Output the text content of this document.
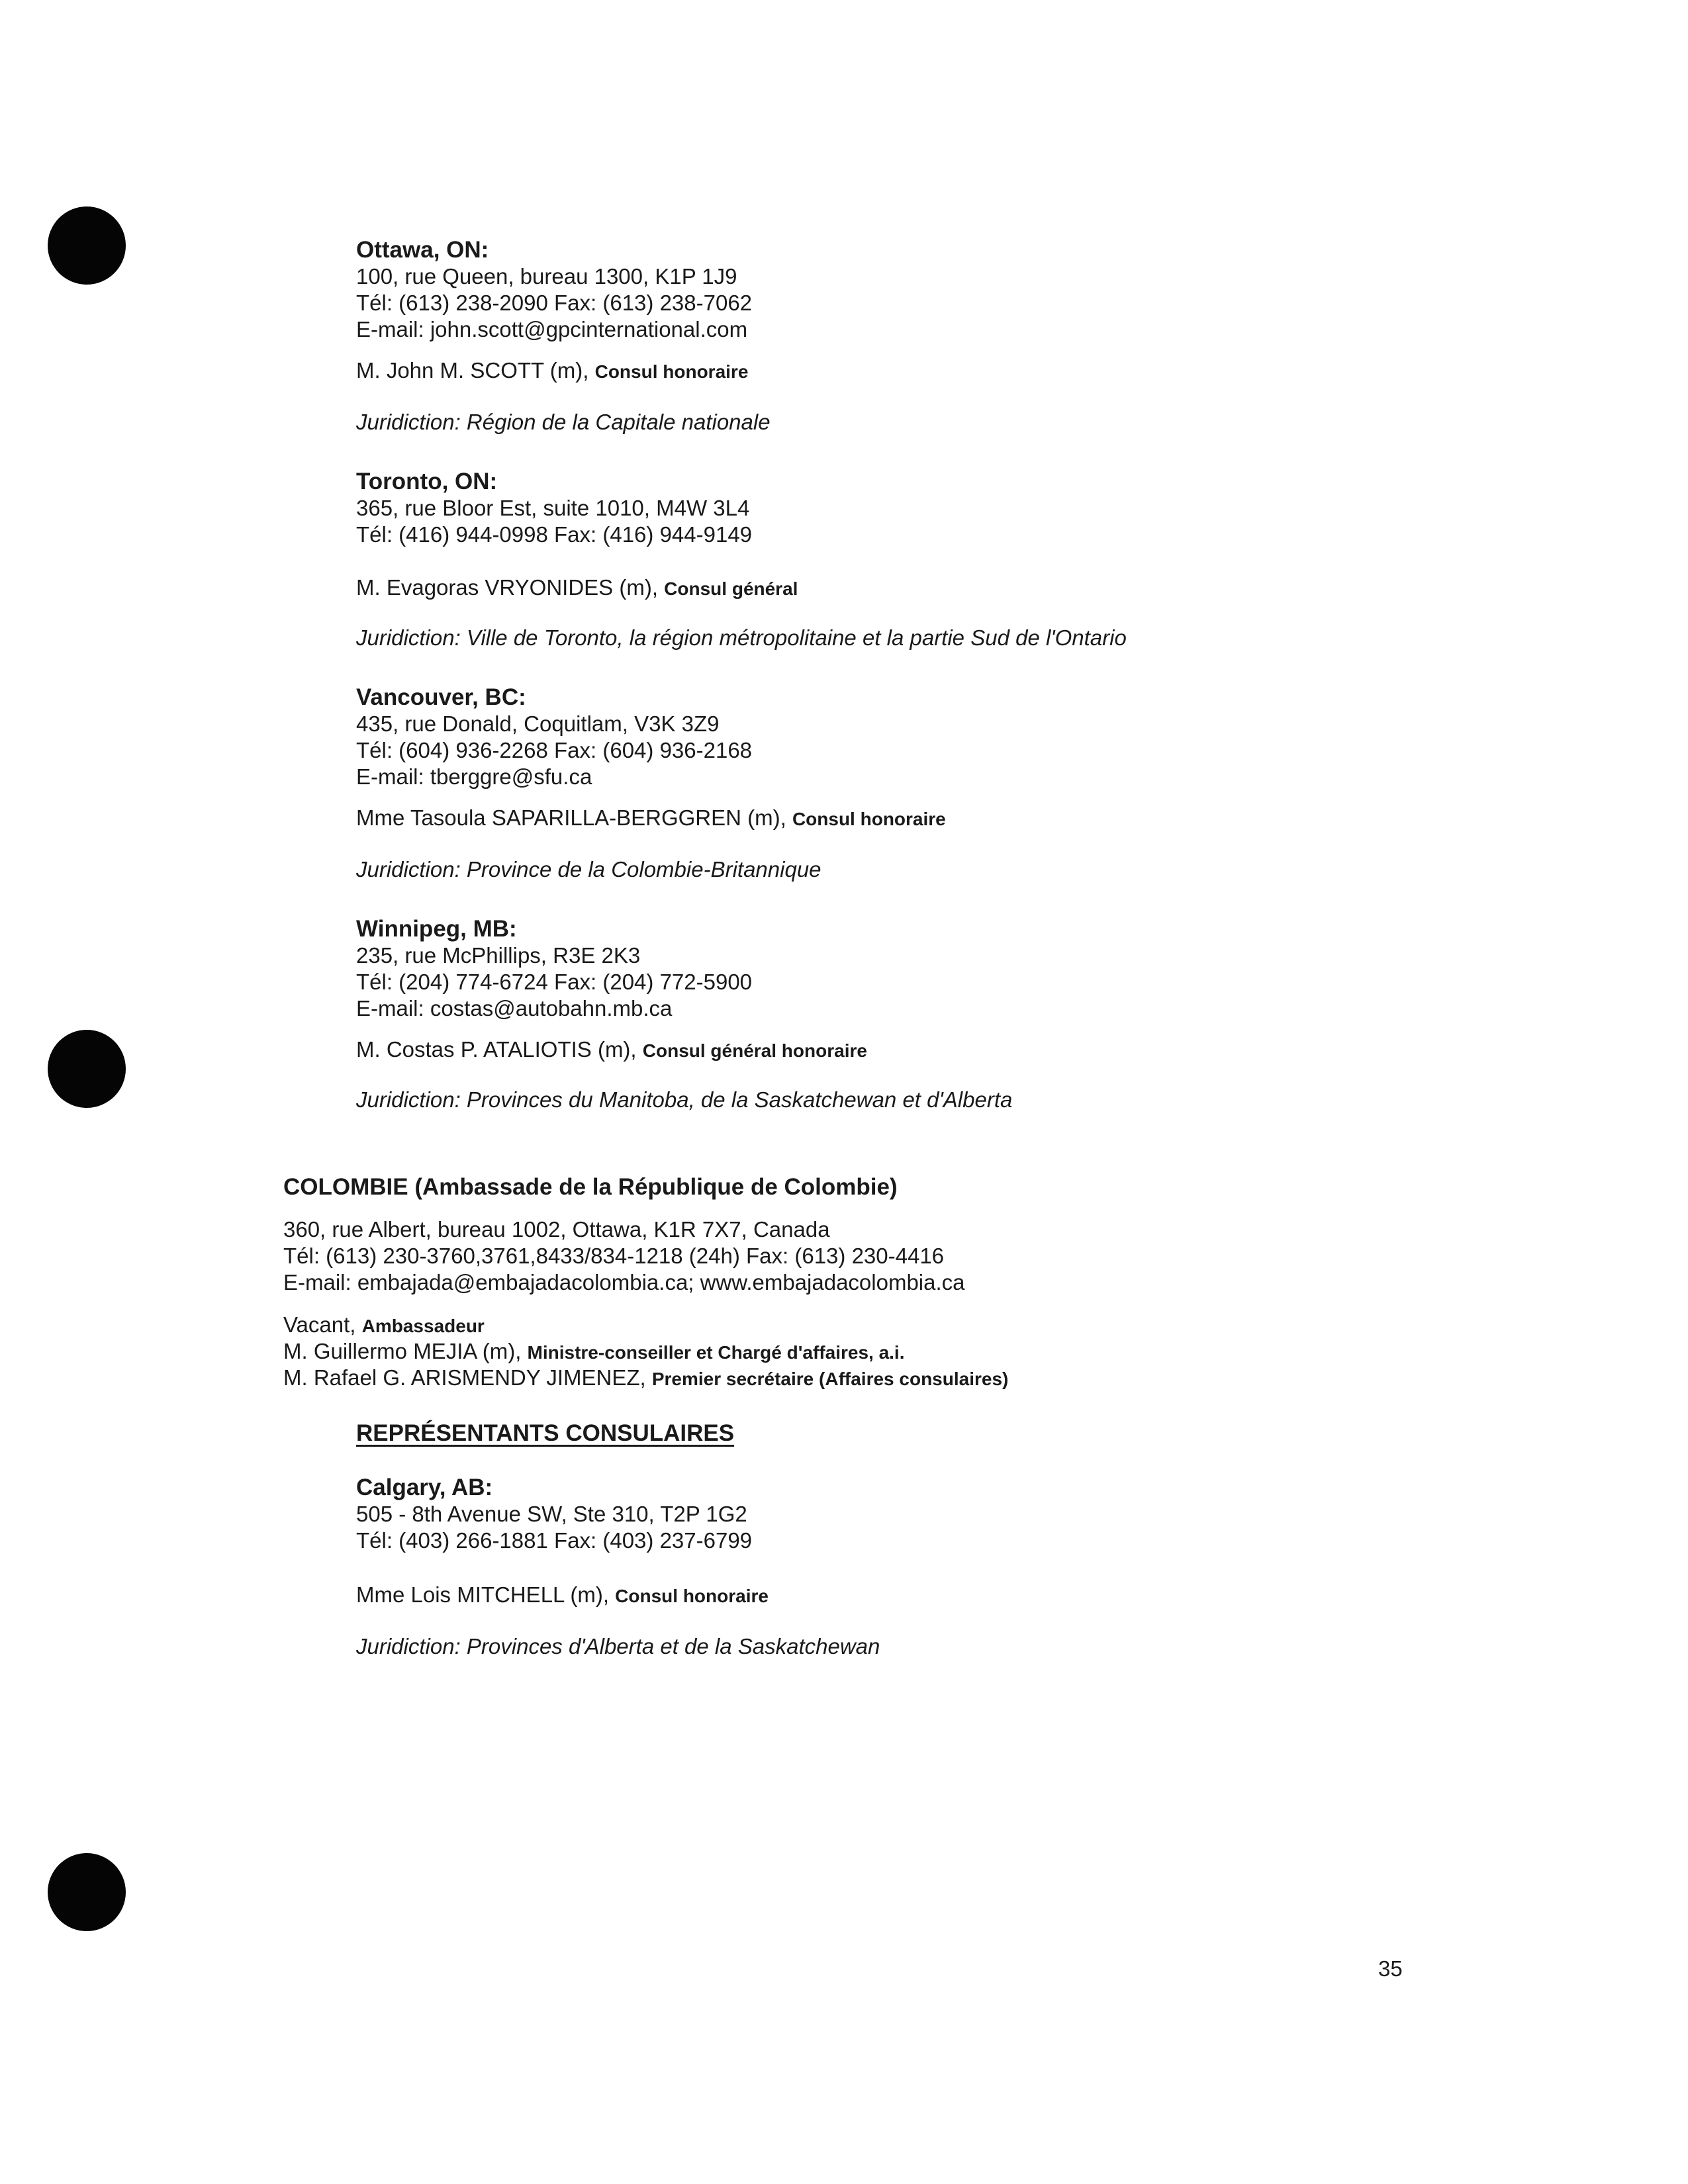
Ottawa, ON:
100, rue Queen, bureau 1300, K1P 1J9
Tél: (613) 238-2090 Fax: (613) 238-7062
E-mail: john.scott@gpcinternational.com
M. John M. SCOTT (m), Consul honoraire
Juridiction: Région de la Capitale nationale
Toronto, ON:
365, rue Bloor Est, suite 1010, M4W 3L4
Tél: (416) 944-0998 Fax: (416) 944-9149
M. Evagoras VRYONIDES (m), Consul général
Juridiction: Ville de Toronto, la région métropolitaine et la partie Sud de l'Ontario
Vancouver, BC:
435, rue Donald, Coquitlam, V3K 3Z9
Tél: (604) 936-2268 Fax: (604) 936-2168
E-mail: tberggre@sfu.ca
Mme Tasoula SAPARILLA-BERGGREN (m), Consul honoraire
Juridiction: Province de la Colombie-Britannique
Winnipeg, MB:
235, rue McPhillips, R3E 2K3
Tél: (204) 774-6724 Fax: (204) 772-5900
E-mail: costas@autobahn.mb.ca
M. Costas P. ATALIOTIS (m), Consul général honoraire
Juridiction: Provinces du Manitoba, de la Saskatchewan et d'Alberta
COLOMBIE (Ambassade de la République de Colombie)
360, rue Albert, bureau 1002, Ottawa, K1R 7X7, Canada
Tél: (613) 230-3760,3761,8433/834-1218 (24h) Fax: (613) 230-4416
E-mail: embajada@embajadacolombia.ca; www.embajadacolombia.ca
Vacant, Ambassadeur
M. Guillermo MEJIA (m), Ministre-conseiller et Chargé d'affaires, a.i.
M. Rafael G. ARISMENDY JIMENEZ, Premier secrétaire (Affaires consulaires)
REPRÉSENTANTS CONSULAIRES
Calgary, AB:
505 - 8th Avenue SW, Ste 310, T2P 1G2
Tél: (403) 266-1881 Fax: (403) 237-6799
Mme Lois MITCHELL (m), Consul honoraire
Juridiction: Provinces d'Alberta et de la Saskatchewan
35
